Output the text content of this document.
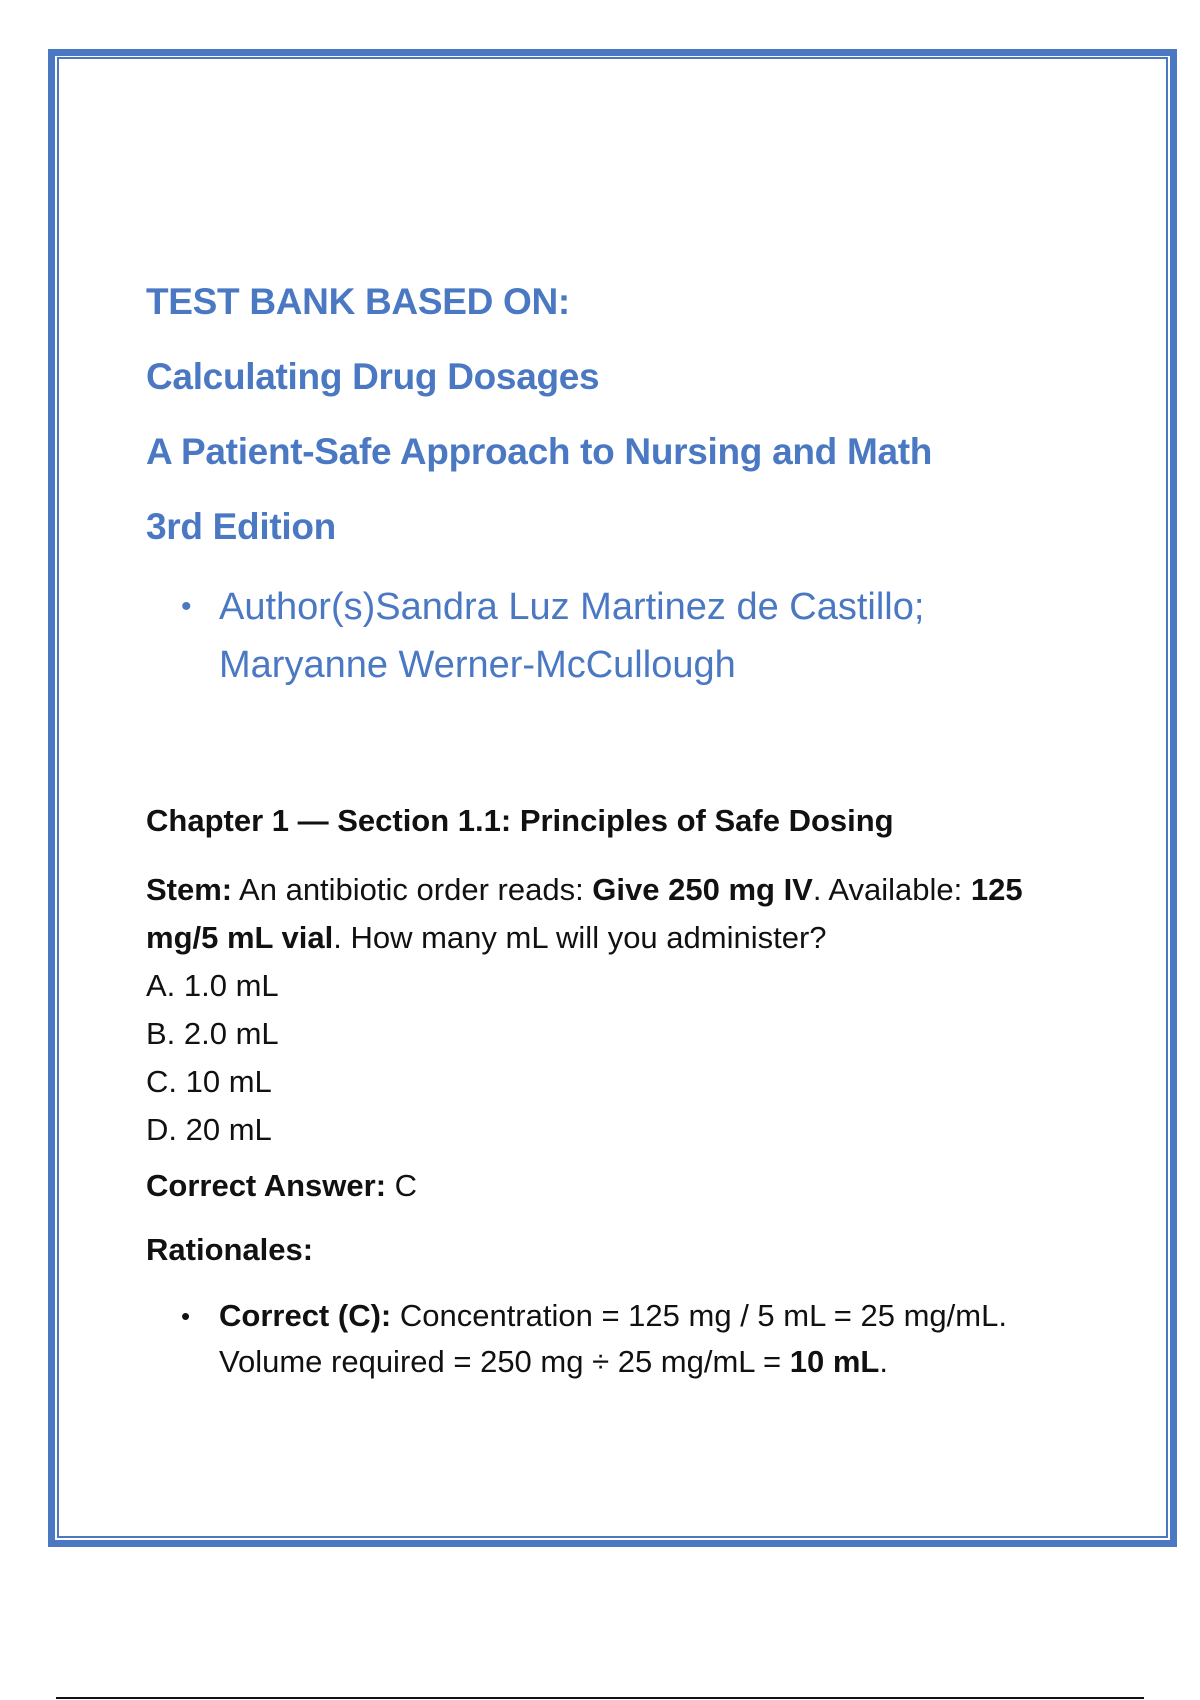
TEST BANK BASED ON:
Calculating Drug Dosages
A Patient-Safe Approach to Nursing and Math
3rd Edition
• Author(s)Sandra Luz Martinez de Castillo; Maryanne Werner-McCullough
Chapter 1 — Section 1.1: Principles of Safe Dosing
Stem: An antibiotic order reads: Give 250 mg IV. Available: 125 mg/5 mL vial. How many mL will you administer?
A. 1.0 mL
B. 2.0 mL
C. 10 mL
D. 20 mL
Correct Answer: C
Rationales:
• Correct (C): Concentration = 125 mg / 5 mL = 25 mg/mL. Volume required = 250 mg ÷ 25 mg/mL = 10 mL.
